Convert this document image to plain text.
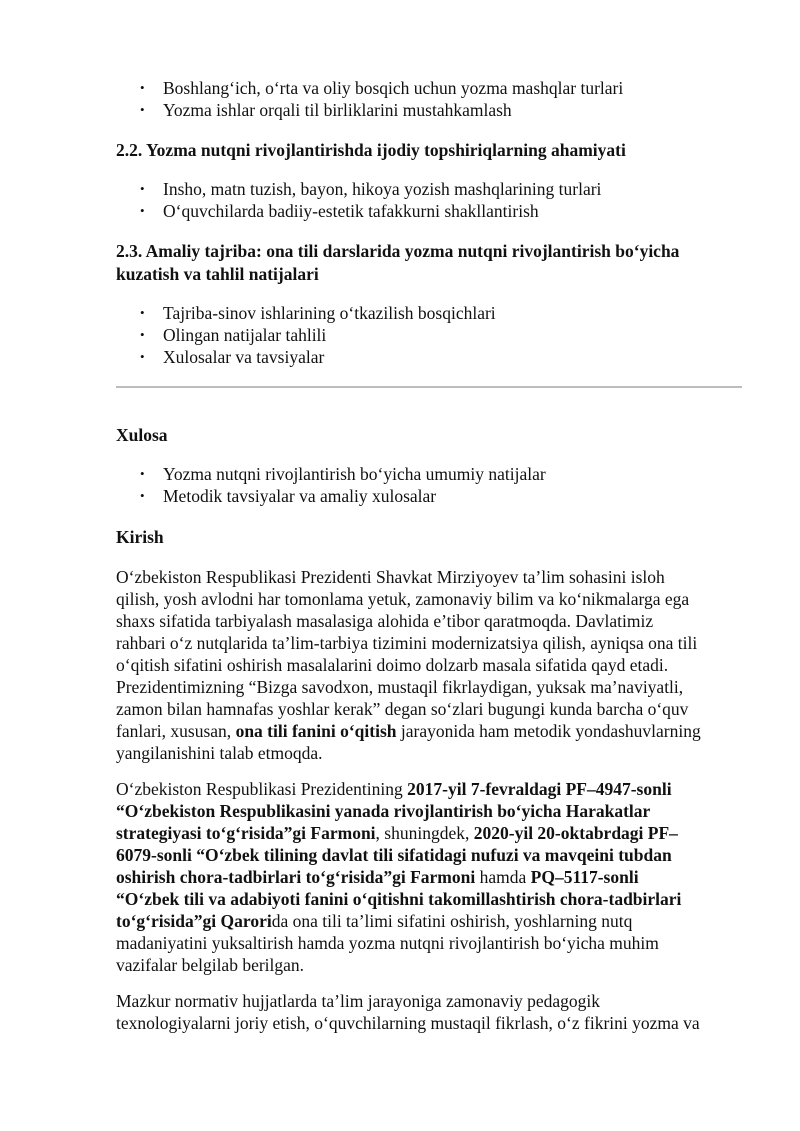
• Boshlang‘ich, o‘rta va oliy bosqich uchun yozma mashqlar turlari
• Yozma ishlar orqali til birliklarini mustahkamlash
2.2. Yozma nutqni rivojlantirishda ijodiy topshiriqlarning ahamiyati
• Insho, matn tuzish, bayon, hikoya yozish mashqlarining turlari
• O‘quvchilarda badiiy-estetik tafakkurni shakllantirish
2.3. Amaliy tajriba: ona tili darslarida yozma nutqni rivojlantirish bo‘yicha
kuzatish va tahlil natijalari
• Tajriba-sinov ishlarining o‘tkazilish bosqichlari
• Olingan natijalar tahlili
• Xulosalar va tavsiyalar
Xulosa
• Yozma nutqni rivojlantirish bo‘yicha umumiy natijalar
• Metodik tavsiyalar va amaliy xulosalar
Kirish
O‘zbekiston Respublikasi Prezidenti Shavkat Mirziyoyev ta’lim sohasini isloh
qilish, yosh avlodni har tomonlama yetuk, zamonaviy bilim va ko‘nikmalarga ega
shaxs sifatida tarbiyalash masalasiga alohida e’tibor qaratmoqda. Davlatimiz
rahbari o‘z nutqlarida ta’lim-tarbiya tizimini modernizatsiya qilish, ayniqsa ona tili
o‘qitish sifatini oshirish masalalarini doimo dolzarb masala sifatida qayd etadi.
Prezidentimizning “Bizga savodxon, mustaqil fikrlaydigan, yuksak ma’naviyatli,
zamon bilan hamnafas yoshlar kerak” degan so‘zlari bugungi kunda barcha o‘quv
fanlari, xususan, ona tili fanini o‘qitish jarayonida ham metodik yondashuvlarning
yangilanishini talab etmoqda.
O‘zbekiston Respublikasi Prezidentining 2017-yil 7-fevraldagi PF–4947-sonli
“O‘zbekiston Respublikasini yanada rivojlantirish bo‘yicha Harakatlar
strategiyasi to‘g‘risida”gi Farmoni, shuningdek, 2020-yil 20-oktabrdagi PF–
6079-sonli “O‘zbek tilining davlat tili sifatidagi nufuzi va mavqeini tubdan
oshirish chora-tadbirlari to‘g‘risida”gi Farmoni hamda PQ–5117-sonli
“O‘zbek tili va adabiyoti fanini o‘qitishni takomillashtirish chora-tadbirlari
to‘g‘risida”gi Qarorida ona tili ta’limi sifatini oshirish, yoshlarning nutq
madaniyatini yuksaltirish hamda yozma nutqni rivojlantirish bo‘yicha muhim
vazifalar belgilab berilgan.
Mazkur normativ hujjatlarda ta’lim jarayoniga zamonaviy pedagogik
texnologiyalarni joriy etish, o‘quvchilarning mustaqil fikrlash, o‘z fikrini yozma va
